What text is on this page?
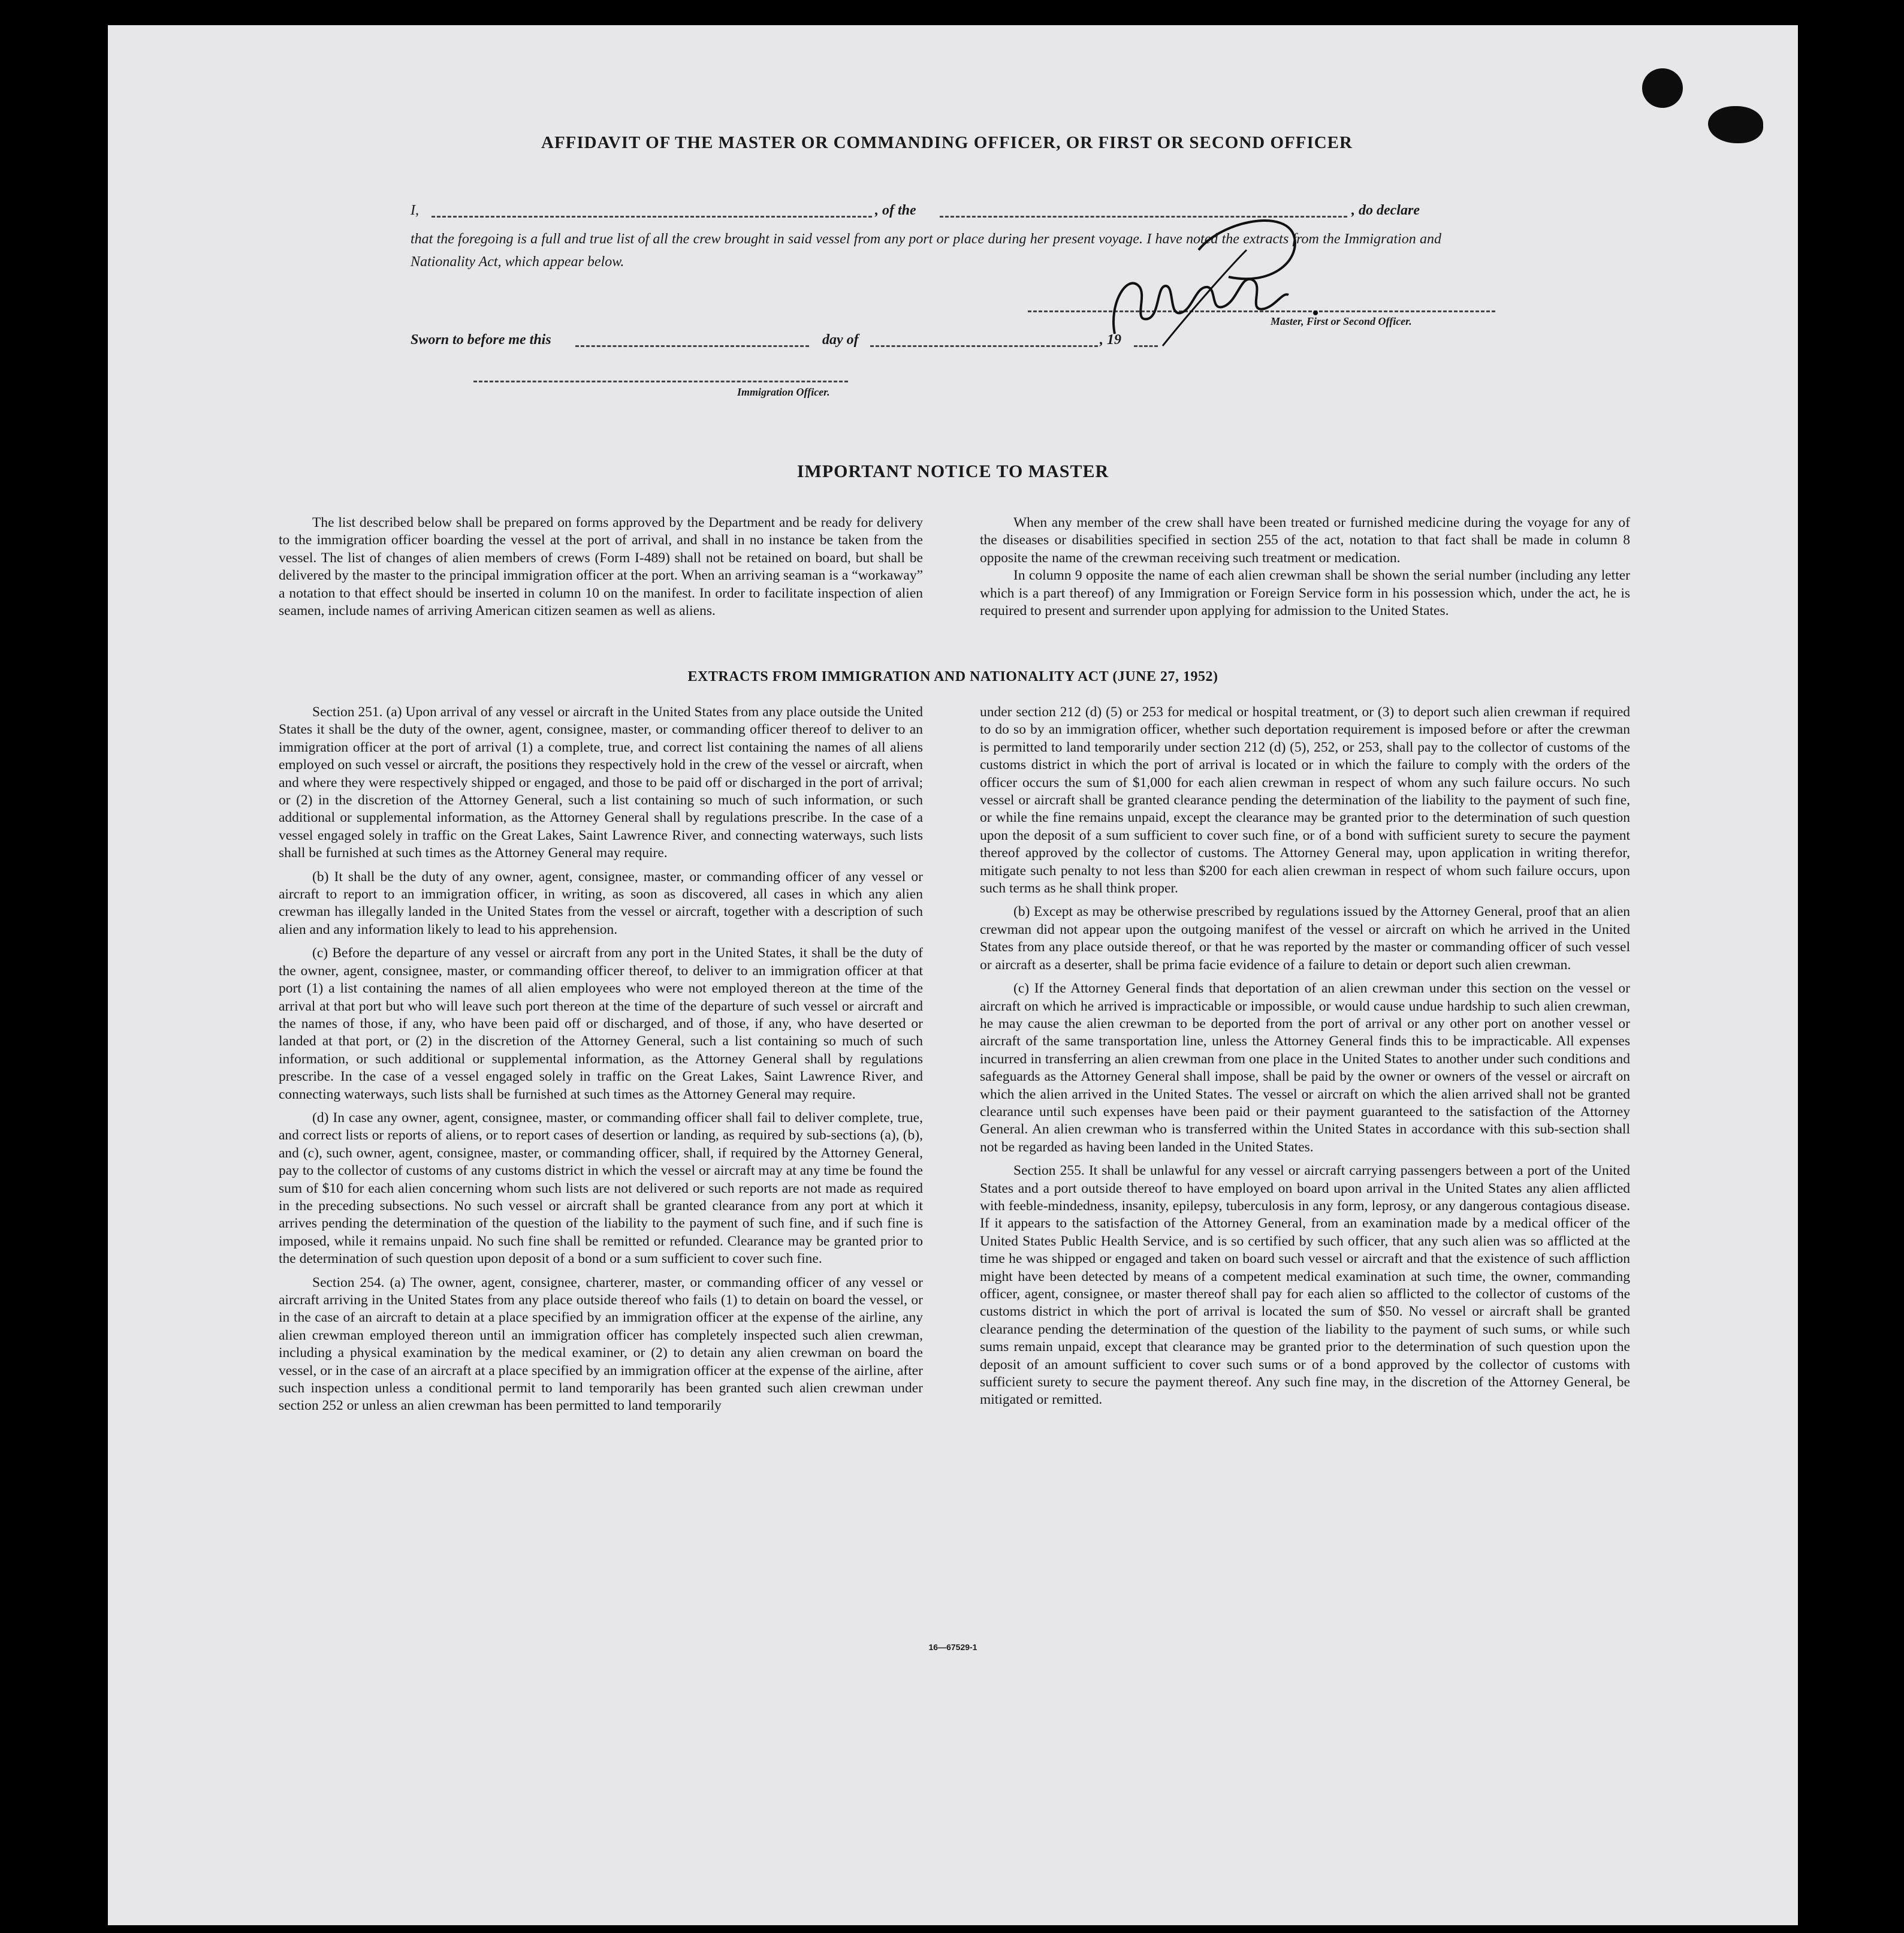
AFFIDAVIT OF THE MASTER OR COMMANDING OFFICER, OR FIRST OR SECOND OFFICER
I,	, of the	, do declare
that the foregoing is a full and true list of all the crew brought in said vessel from any port or place during her present voyage. I have noted the extracts from the Immigration and Nationality Act, which appear below.
Master, First or Second Officer.
Sworn to before me this	day of	, 19
Immigration Officer.
IMPORTANT NOTICE TO MASTER

The list described below shall be prepared on forms approved by the Department and be ready for delivery to the immigration officer boarding the vessel at the port of arrival, and shall in no instance be taken from the vessel. The list of changes of alien members of crews (Form I-489) shall not be retained on board, but shall be delivered by the master to the principal immigration officer at the port. When an arriving seaman is a “workaway” a notation to that effect should be inserted in column 10 on the manifest. In order to facilitate inspection of alien seamen, include names of arriving American citizen seamen as well as aliens.

When any member of the crew shall have been treated or furnished medicine during the voyage for any of the diseases or disabilities specified in section 255 of the act, notation to that fact shall be made in column 8 opposite the name of the crewman receiving such treatment or medication.

In column 9 opposite the name of each alien crewman shall be shown the serial number (including any letter which is a part thereof) of any Immigration or Foreign Service form in his possession which, under the act, he is required to present and surrender upon applying for admission to the United States.

EXTRACTS FROM IMMIGRATION AND NATIONALITY ACT (JUNE 27, 1952)

Section 251. (a) Upon arrival of any vessel or aircraft in the United States from any place outside the United States it shall be the duty of the owner, agent, consignee, master, or commanding officer thereof to deliver to an immigration officer at the port of arrival (1) a complete, true, and correct list containing the names of all aliens employed on such vessel or aircraft, the positions they respectively hold in the crew of the vessel or aircraft, when and where they were respectively shipped or engaged, and those to be paid off or discharged in the port of arrival; or (2) in the discretion of the Attorney General, such a list containing so much of such information, or such additional or supplemental information, as the Attorney General shall by regulations prescribe. In the case of a vessel engaged solely in traffic on the Great Lakes, Saint Lawrence River, and connecting waterways, such lists shall be furnished at such times as the Attorney General may require.

(b) It shall be the duty of any owner, agent, consignee, master, or commanding officer of any vessel or aircraft to report to an immigration officer, in writing, as soon as discovered, all cases in which any alien crewman has illegally landed in the United States from the vessel or aircraft, together with a description of such alien and any information likely to lead to his apprehension.

(c) Before the departure of any vessel or aircraft from any port in the United States, it shall be the duty of the owner, agent, consignee, master, or commanding officer thereof, to deliver to an immigration officer at that port (1) a list containing the names of all alien employees who were not employed thereon at the time of the arrival at that port but who will leave such port thereon at the time of the departure of such vessel or aircraft and the names of those, if any, who have been paid off or discharged, and of those, if any, who have deserted or landed at that port, or (2) in the discretion of the Attorney General, such a list containing so much of such information, or such additional or supplemental information, as the Attorney General shall by regulations prescribe. In the case of a vessel engaged solely in traffic on the Great Lakes, Saint Lawrence River, and connecting waterways, such lists shall be furnished at such times as the Attorney General may require.

(d) In case any owner, agent, consignee, master, or commanding officer shall fail to deliver complete, true, and correct lists or reports of aliens, or to report cases of desertion or landing, as required by sub-sections (a), (b), and (c), such owner, agent, consignee, master, or commanding officer, shall, if required by the Attorney General, pay to the collector of customs of any customs district in which the vessel or aircraft may at any time be found the sum of $10 for each alien concerning whom such lists are not delivered or such reports are not made as required in the preceding subsections. No such vessel or aircraft shall be granted clearance from any port at which it arrives pending the determination of the question of the liability to the payment of such fine, and if such fine is imposed, while it remains unpaid. No such fine shall be remitted or refunded. Clearance may be granted prior to the determination of such question upon deposit of a bond or a sum sufficient to cover such fine.

Section 254. (a) The owner, agent, consignee, charterer, master, or commanding officer of any vessel or aircraft arriving in the United States from any place outside thereof who fails (1) to detain on board the vessel, or in the case of an aircraft to detain at a place specified by an immigration officer at the expense of the airline, any alien crewman employed thereon until an immigration officer has completely inspected such alien crewman, including a physical examination by the medical examiner, or (2) to detain any alien crewman on board the vessel, or in the case of an aircraft at a place specified by an immigration officer at the expense of the airline, after such inspection unless a conditional permit to land temporarily has been granted such alien crewman under section 252 or unless an alien crewman has been permitted to land temporarily

under section 212 (d) (5) or 253 for medical or hospital treatment, or (3) to deport such alien crewman if required to do so by an immigration officer, whether such deportation requirement is imposed before or after the crewman is permitted to land temporarily under section 212 (d) (5), 252, or 253, shall pay to the collector of customs of the customs district in which the port of arrival is located or in which the failure to comply with the orders of the officer occurs the sum of $1,000 for each alien crewman in respect of whom any such failure occurs. No such vessel or aircraft shall be granted clearance pending the determination of the liability to the payment of such fine, or while the fine remains unpaid, except the clearance may be granted prior to the determination of such question upon the deposit of a sum sufficient to cover such fine, or of a bond with sufficient surety to secure the payment thereof approved by the collector of customs. The Attorney General may, upon application in writing therefor, mitigate such penalty to not less than $200 for each alien crewman in respect of whom such failure occurs, upon such terms as he shall think proper.

(b) Except as may be otherwise prescribed by regulations issued by the Attorney General, proof that an alien crewman did not appear upon the outgoing manifest of the vessel or aircraft on which he arrived in the United States from any place outside thereof, or that he was reported by the master or commanding officer of such vessel or aircraft as a deserter, shall be prima facie evidence of a failure to detain or deport such alien crewman.

(c) If the Attorney General finds that deportation of an alien crewman under this section on the vessel or aircraft on which he arrived is impracticable or impossible, or would cause undue hardship to such alien crewman, he may cause the alien crewman to be deported from the port of arrival or any other port on another vessel or aircraft of the same transportation line, unless the Attorney General finds this to be impracticable. All expenses incurred in transferring an alien crewman from one place in the United States to another under such conditions and safeguards as the Attorney General shall impose, shall be paid by the owner or owners of the vessel or aircraft on which the alien arrived in the United States. The vessel or aircraft on which the alien arrived shall not be granted clearance until such expenses have been paid or their payment guaranteed to the satisfaction of the Attorney General. An alien crewman who is transferred within the United States in accordance with this sub-section shall not be regarded as having been landed in the United States.

Section 255. It shall be unlawful for any vessel or aircraft carrying passengers between a port of the United States and a port outside thereof to have employed on board upon arrival in the United States any alien afflicted with feeble-mindedness, insanity, epilepsy, tuberculosis in any form, leprosy, or any dangerous contagious disease. If it appears to the satisfaction of the Attorney General, from an examination made by a medical officer of the United States Public Health Service, and is so certified by such officer, that any such alien was so afflicted at the time he was shipped or engaged and taken on board such vessel or aircraft and that the existence of such affliction might have been detected by means of a competent medical examination at such time, the owner, commanding officer, agent, consignee, or master thereof shall pay for each alien so afflicted to the collector of customs of the customs district in which the port of arrival is located the sum of $50. No vessel or aircraft shall be granted clearance pending the determination of the question of the liability to the payment of such sums, or while such sums remain unpaid, except that clearance may be granted prior to the determination of such question upon the deposit of an amount sufficient to cover such sums or of a bond approved by the collector of customs with sufficient surety to secure the payment thereof. Any such fine may, in the discretion of the Attorney General, be mitigated or remitted.

16—67529-1
